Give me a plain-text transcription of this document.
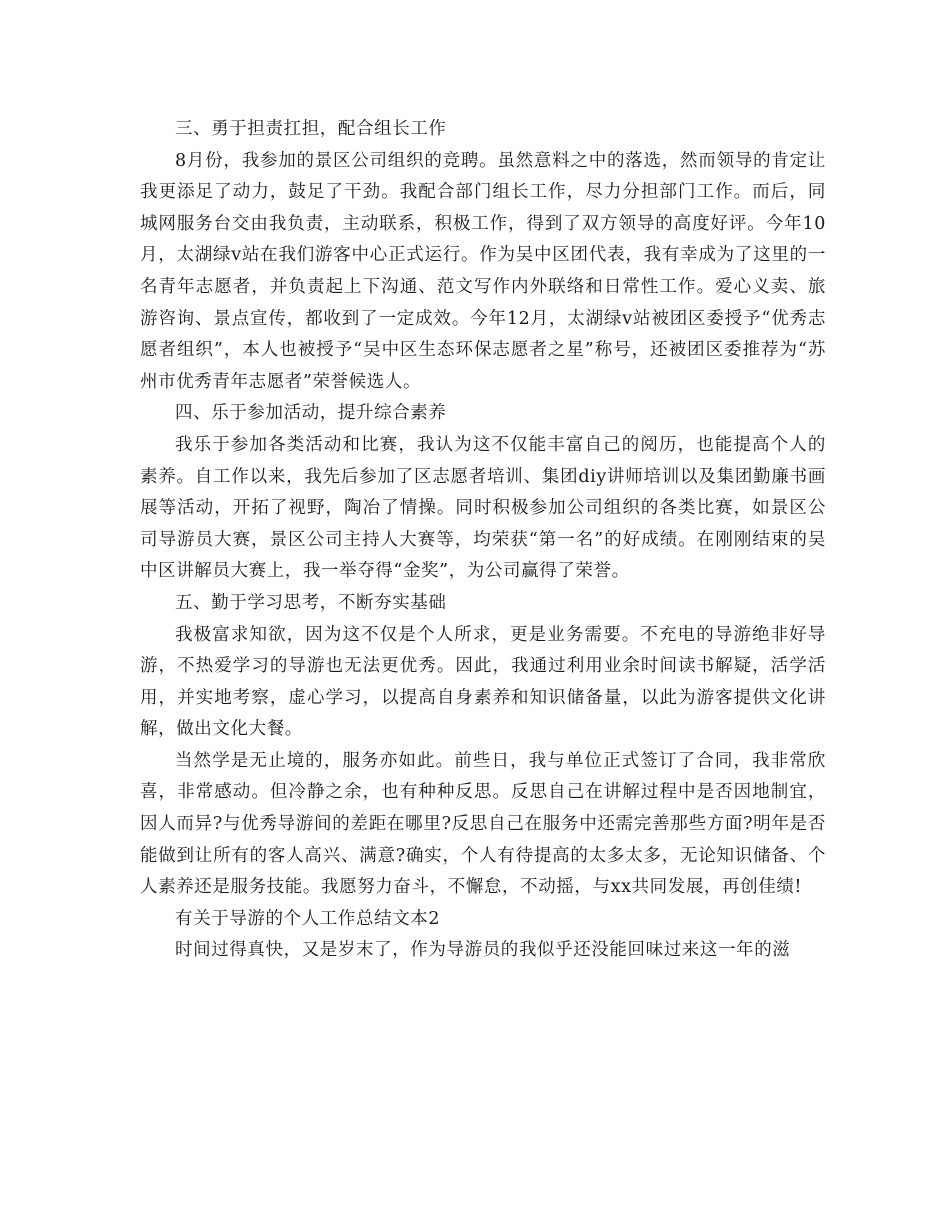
三、勇于担责扛担，配合组长工作

8月份，我参加的景区公司组织的竞聘。虽然意料之中的落选，然而领导的肯定让我更添足了动力，鼓足了干劲。我配合部门组长工作，尽力分担部门工作。而后，同城网服务台交由我负责，主动联系，积极工作，得到了双方领导的高度好评。今年10月，太湖绿v站在我们游客中心正式运行。作为吴中区团代表，我有幸成为了这里的一名青年志愿者，并负责起上下沟通、范文写作内外联络和日常性工作。爱心义卖、旅游咨询、景点宣传，都收到了一定成效。今年12月，太湖绿v站被团区委授予“优秀志愿者组织”，本人也被授予“吴中区生态环保志愿者之星”称号，还被团区委推荐为“苏州市优秀青年志愿者”荣誉候选人。

四、乐于参加活动，提升综合素养

我乐于参加各类活动和比赛，我认为这不仅能丰富自己的阅历，也能提高个人的素养。自工作以来，我先后参加了区志愿者培训、集团diy讲师培训以及集团勤廉书画展等活动，开拓了视野，陶冶了情操。同时积极参加公司组织的各类比赛，如景区公司导游员大赛，景区公司主持人大赛等，均荣获“第一名”的好成绩。在刚刚结束的吴中区讲解员大赛上，我一举夺得“金奖”，为公司赢得了荣誉。

五、勤于学习思考，不断夯实基础

我极富求知欲，因为这不仅是个人所求，更是业务需要。不充电的导游绝非好导游，不热爱学习的导游也无法更优秀。因此，我通过利用业余时间读书解疑，活学活用，并实地考察，虚心学习，以提高自身素养和知识储备量，以此为游客提供文化讲解，做出文化大餐。

当然学是无止境的，服务亦如此。前些日，我与单位正式签订了合同，我非常欣喜，非常感动。但冷静之余，也有种种反思。反思自己在讲解过程中是否因地制宜，因人而异?与优秀导游间的差距在哪里?反思自己在服务中还需完善那些方面?明年是否能做到让所有的客人高兴、满意?确实，个人有待提高的太多太多，无论知识储备、个人素养还是服务技能。我愿努力奋斗，不懈怠，不动摇，与xx共同发展，再创佳绩!

有关于导游的个人工作总结文本2

时间过得真快，又是岁末了，作为导游员的我似乎还没能回味过来这一年的滋
